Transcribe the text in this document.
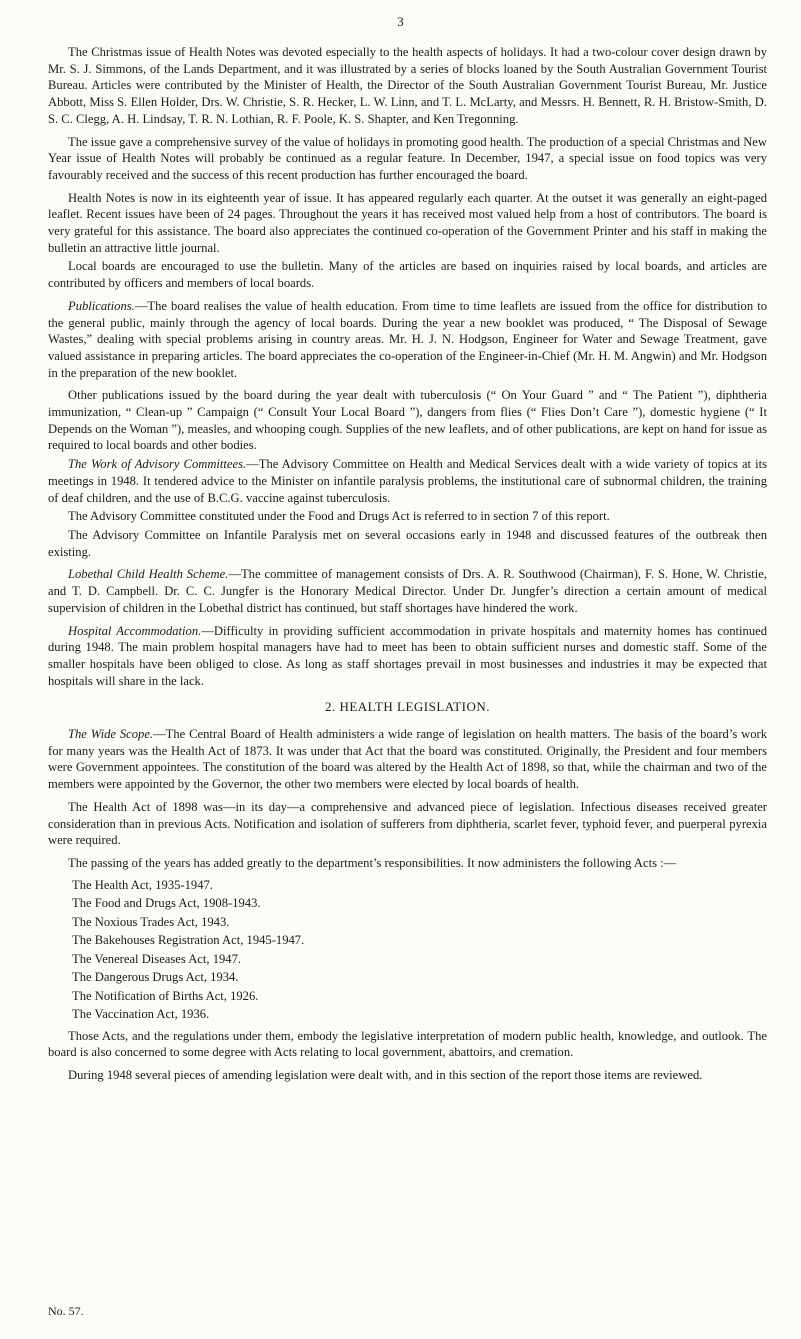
3

The Christmas issue of Health Notes was devoted especially to the health aspects of holidays. It had a two-colour cover design drawn by Mr. S. J. Simmons, of the Lands Department, and it was illustrated by a series of blocks loaned by the South Australian Government Tourist Bureau. Articles were contributed by the Minister of Health, the Director of the South Australian Government Tourist Bureau, Mr. Justice Abbott, Miss S. Ellen Holder, Drs. W. Christie, S. R. Hecker, L. W. Linn, and T. L. McLarty, and Messrs. H. Bennett, R. H. Bristow-Smith, D. S. C. Clegg, A. H. Lindsay, T. R. N. Lothian, R. F. Poole, K. S. Shapter, and Ken Tregonning.

The issue gave a comprehensive survey of the value of holidays in promoting good health. The production of a special Christmas and New Year issue of Health Notes will probably be continued as a regular feature. In December, 1947, a special issue on food topics was very favourably received and the success of this recent production has further encouraged the board.

Health Notes is now in its eighteenth year of issue. It has appeared regularly each quarter. At the outset it was generally an eight-paged leaflet. Recent issues have been of 24 pages. Throughout the years it has received most valued help from a host of contributors. The board is very grateful for this assistance. The board also appreciates the continued co-operation of the Government Printer and his staff in making the bulletin an attractive little journal.

Local boards are encouraged to use the bulletin. Many of the articles are based on inquiries raised by local boards, and articles are contributed by officers and members of local boards.

Publications.—The board realises the value of health education. From time to time leaflets are issued from the office for distribution to the general public, mainly through the agency of local boards. During the year a new booklet was produced, “ The Disposal of Sewage Wastes,” dealing with special problems arising in country areas. Mr. H. J. N. Hodgson, Engineer for Water and Sewage Treatment, gave valued assistance in preparing articles. The board appreciates the co-operation of the Engineer-in-Chief (Mr. H. M. Angwin) and Mr. Hodgson in the preparation of the new booklet.

Other publications issued by the board during the year dealt with tuberculosis (“ On Your Guard ” and “ The Patient ”), diphtheria immunization, “ Clean-up ” Campaign (“ Consult Your Local Board ”), dangers from flies (“ Flies Don’t Care ”), domestic hygiene (“ It Depends on the Woman ”), measles, and whooping cough. Supplies of the new leaflets, and of other publications, are kept on hand for issue as required to local boards and other bodies.

The Work of Advisory Committees.—The Advisory Committee on Health and Medical Services dealt with a wide variety of topics at its meetings in 1948. It tendered advice to the Minister on infantile paralysis problems, the institutional care of subnormal children, the training of deaf children, and the use of B.C.G. vaccine against tuberculosis.

The Advisory Committee constituted under the Food and Drugs Act is referred to in section 7 of this report.

The Advisory Committee on Infantile Paralysis met on several occasions early in 1948 and discussed features of the outbreak then existing.

Lobethal Child Health Scheme.—The committee of management consists of Drs. A. R. Southwood (Chairman), F. S. Hone, W. Christie, and T. D. Campbell. Dr. C. C. Jungfer is the Honorary Medical Director. Under Dr. Jungfer’s direction a certain amount of medical supervision of children in the Lobethal district has continued, but staff shortages have hindered the work.

Hospital Accommodation.—Difficulty in providing sufficient accommodation in private hospitals and maternity homes has continued during 1948. The main problem hospital managers have had to meet has been to obtain sufficient nurses and domestic staff. Some of the smaller hospitals have been obliged to close. As long as staff shortages prevail in most businesses and industries it may be expected that hospitals will share in the lack.

2. HEALTH LEGISLATION.

The Wide Scope.—The Central Board of Health administers a wide range of legislation on health matters. The basis of the board’s work for many years was the Health Act of 1873. It was under that Act that the board was constituted. Originally, the President and four members were Government appointees. The constitution of the board was altered by the Health Act of 1898, so that, while the chairman and two of the members were appointed by the Governor, the other two members were elected by local boards of health.

The Health Act of 1898 was—in its day—a comprehensive and advanced piece of legislation. Infectious diseases received greater consideration than in previous Acts. Notification and isolation of sufferers from diphtheria, scarlet fever, typhoid fever, and puerperal pyrexia were required.

The passing of the years has added greatly to the department’s responsibilities. It now administers the following Acts :—

The Health Act, 1935-1947.
The Food and Drugs Act, 1908-1943.
The Noxious Trades Act, 1943.
The Bakehouses Registration Act, 1945-1947.
The Venereal Diseases Act, 1947.
The Dangerous Drugs Act, 1934.
The Notification of Births Act, 1926.
The Vaccination Act, 1936.

Those Acts, and the regulations under them, embody the legislative interpretation of modern public health, knowledge, and outlook. The board is also concerned to some degree with Acts relating to local government, abattoirs, and cremation.

During 1948 several pieces of amending legislation were dealt with, and in this section of the report those items are reviewed.

No. 57.
